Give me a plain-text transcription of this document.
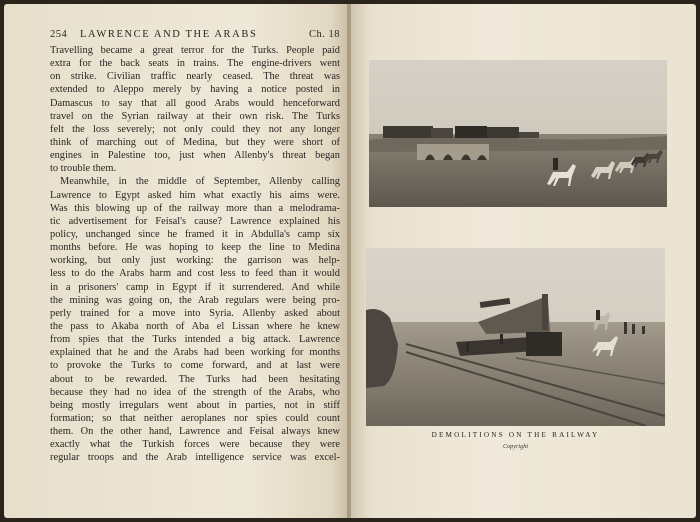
254 LAWRENCE AND THE ARABS	Ch. 18
Travelling became a great terror for the Turks. People paid
extra for the back seats in trains. The engine-drivers went
on strike. Civilian traffic nearly ceased. The threat was
extended to Aleppo merely by having a notice posted in
Damascus to say that all good Arabs would henceforward
travel on the Syrian railway at their own risk. The Turks
felt the loss severely; not only could they not any longer
think of marching out of Medina, but they were short of
engines in Palestine too, just when Allenby's threat began
to trouble them.
Meanwhile, in the middle of September, Allenby calling
Lawrence to Egypt asked him what exactly his aims were.
Was this blowing up of the railway more than a melodrama-
tic advertisement for Feisal's cause? Lawrence explained his
policy, unchanged since he framed it in Abdulla's camp six
months before. He was hoping to keep the line to Medina
working, but only just working: the garrison was help-
less to do the Arabs harm and cost less to feed than it would
in a prisoners' camp in Egypt if it surrendered. And while
the mining was going on, the Arab regulars were being pro-
perly trained for a move into Syria. Allenby asked about
the pass to Akaba north of Aba el Lissan where he knew
from spies that the Turks intended a big attack. Lawrence
explained that he and the Arabs had been working for months
to provoke the Turks to come forward, and at last were
about to be rewarded. The Turks had been hesitating
because they had no idea of the strength of the Arabs, who
being mostly irregulars went about in parties, not in stiff
formation; so that neither aeroplanes nor spies could count
them. On the other hand, Lawrence and Feisal always knew
exactly what the Turkish forces were because they were
regular troops and the Arab intelligence service was excel-
DEMOLITIONS ON THE RAILWAY
Copyright
